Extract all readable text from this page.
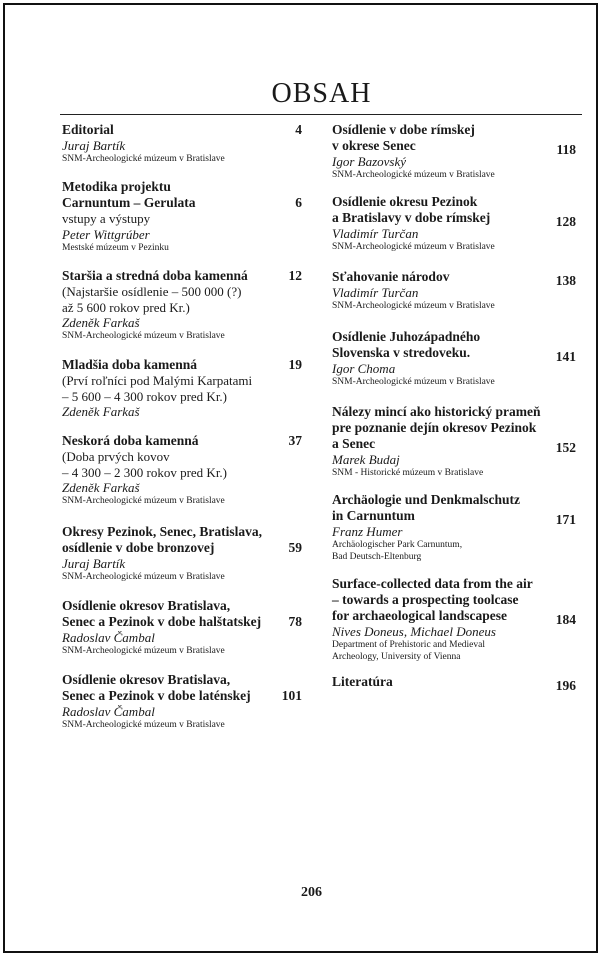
OBSAH
Editorial
Juraj Bartík
SNM-Archeologické múzeum v Bratislave
4
Metodika projektu
Carnuntum – Gerulata
vstupy a výstupy
Peter Wittgrúber
Mestské múzeum v Pezinku
6
Staršia a stredná doba kamenná
(Najstaršie osídlenie – 500 000 (?)
až 5 600 rokov pred Kr.)
Zdeněk Farkaš
SNM-Archeologické múzeum v Bratislave
12
Mladšia doba kamenná
(Prví roľníci pod Malými Karpatami
– 5 600 – 4 300 rokov pred Kr.)
Zdeněk Farkaš
19
Neskorá doba kamenná
(Doba prvých kovov
– 4 300 – 2 300 rokov pred Kr.)
Zdeněk Farkaš
SNM-Archeologické múzeum v Bratislave
37
Okresy Pezinok, Senec, Bratislava,
osídlenie v dobe bronzovej
Juraj Bartík
SNM-Archeologické múzeum v Bratislave
59
Osídlenie okresov Bratislava,
Senec a Pezinok v dobe halštatskej
Radoslav Čambal
SNM-Archeologické múzeum v Bratislave
78
Osídlenie okresov Bratislava,
Senec a Pezinok v dobe laténskej
Radoslav Čambal
SNM-Archeologické múzeum v Bratislave
101
Osídlenie v dobe rímskej
v okrese Senec
Igor Bazovský
SNM-Archeologické múzeum v Bratislave
118
Osídlenie okresu Pezinok
a Bratislavy v dobe rímskej
Vladimír Turčan
SNM-Archeologické múzeum v Bratislave
128
Sťahovanie národov
Vladimír Turčan
SNM-Archeologické múzeum v Bratislave
138
Osídlenie Juhozápadného
Slovenska v stredoveku.
Igor Choma
SNM-Archeologické múzeum v Bratislave
141
Nálezy mincí ako historický prameň
pre poznanie dejín okresov Pezinok
a Senec
Marek Budaj
SNM - Historické múzeum v Bratislave
152
Archäologie und Denkmalschutz
in Carnuntum
Franz Humer
Archäologischer Park Carnuntum,
Bad Deutsch-Eltenburg
171
Surface-collected data from the air
– towards a prospecting toolcase
for archaeological landscapese
Nives Doneus, Michael Doneus
Department of Prehistoric and Medieval
Archeology, University of Vienna
184
Literatúra	196
206
